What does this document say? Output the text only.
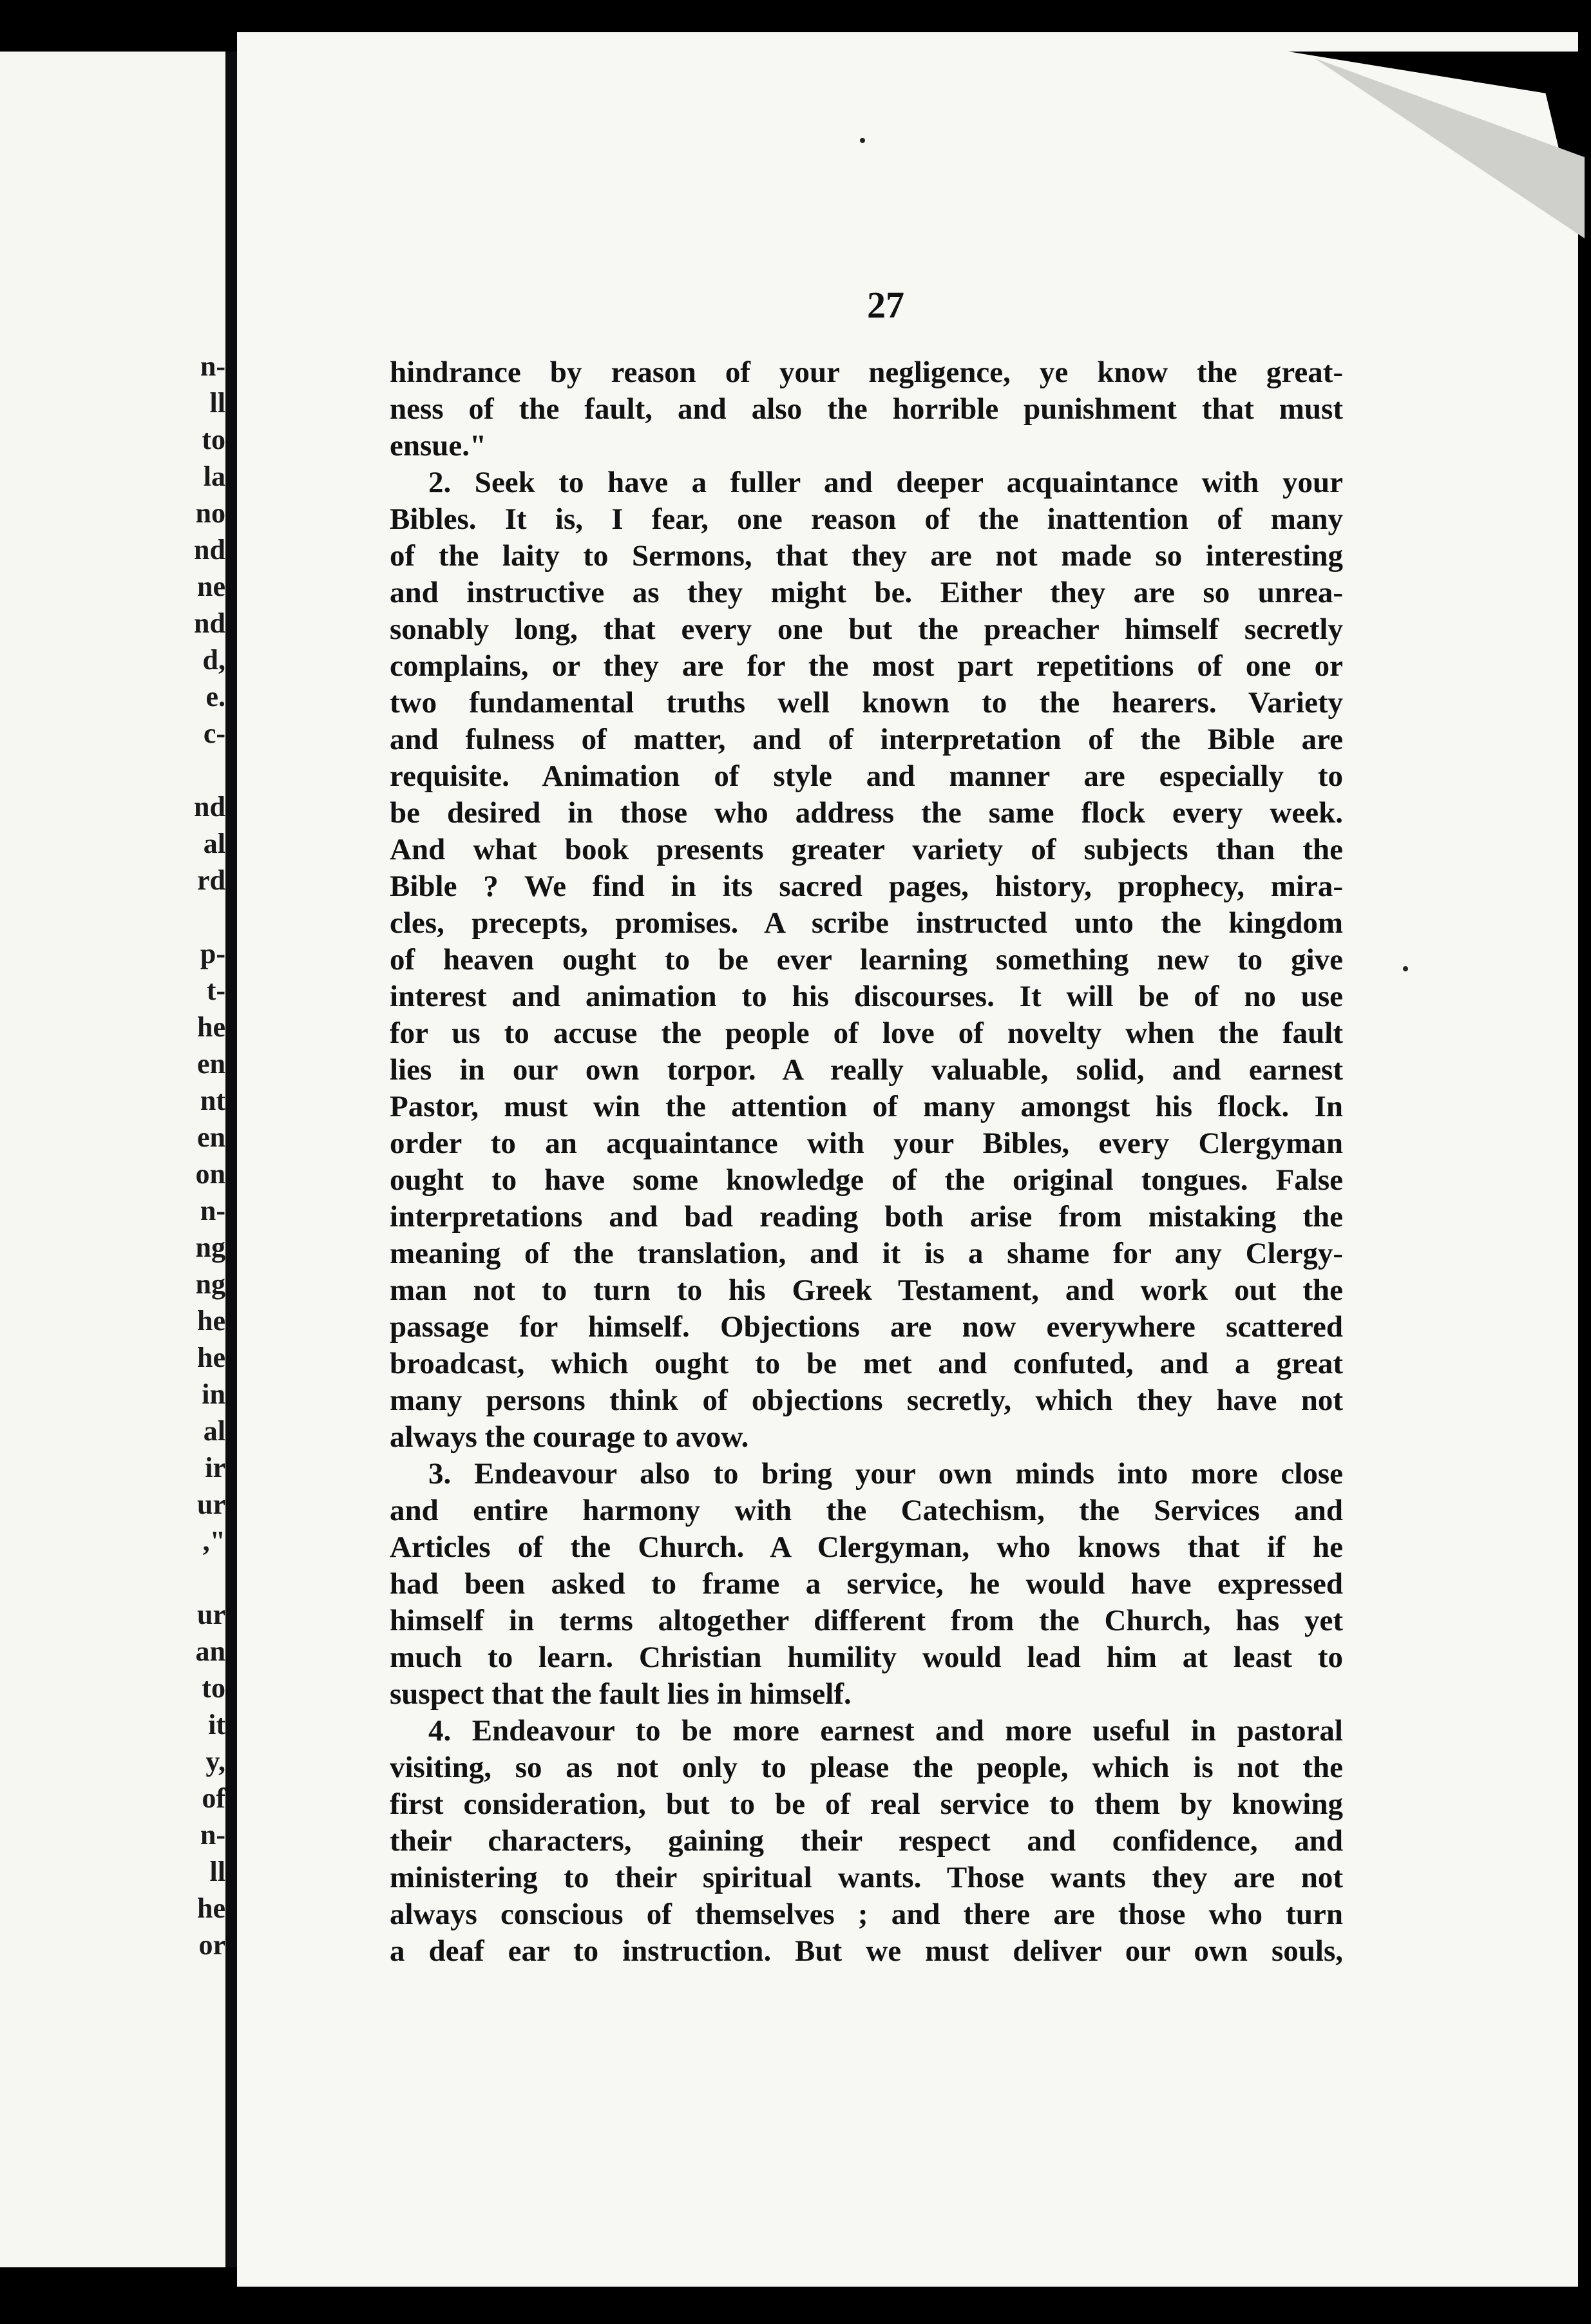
n-
ll
to
la
no
nd
ne
nd
d,
e.
c-
nd
al
rd
p-
t-
he
en
nt
en
on
n-
ng
ng
he
he
in
al
ir
ur
,"
ur
an
to
it
y,
of
n-
ll
he
or
27
hindrance by reason of your negligence, ye know the great-
ness of the fault, and also the horrible punishment that must
ensue."
2. Seek to have a fuller and deeper acquaintance with your
Bibles. It is, I fear, one reason of the inattention of many
of the laity to Sermons, that they are not made so interesting
and instructive as they might be. Either they are so unrea-
sonably long, that every one but the preacher himself secretly
complains, or they are for the most part repetitions of one or
two fundamental truths well known to the hearers. Variety
and fulness of matter, and of interpretation of the Bible are
requisite. Animation of style and manner are especially to
be desired in those who address the same flock every week.
And what book presents greater variety of subjects than the
Bible ? We find in its sacred pages, history, prophecy, mira-
cles, precepts, promises. A scribe instructed unto the kingdom
of heaven ought to be ever learning something new to give
interest and animation to his discourses. It will be of no use
for us to accuse the people of love of novelty when the fault
lies in our own torpor. A really valuable, solid, and earnest
Pastor, must win the attention of many amongst his flock. In
order to an acquaintance with your Bibles, every Clergyman
ought to have some knowledge of the original tongues. False
interpretations and bad reading both arise from mistaking the
meaning of the translation, and it is a shame for any Clergy-
man not to turn to his Greek Testament, and work out the
passage for himself. Objections are now everywhere scattered
broadcast, which ought to be met and confuted, and a great
many persons think of objections secretly, which they have not
always the courage to avow.
3. Endeavour also to bring your own minds into more close
and entire harmony with the Catechism, the Services and
Articles of the Church. A Clergyman, who knows that if he
had been asked to frame a service, he would have expressed
himself in terms altogether different from the Church, has yet
much to learn. Christian humility would lead him at least to
suspect that the fault lies in himself.
4. Endeavour to be more earnest and more useful in pastoral
visiting, so as not only to please the people, which is not the
first consideration, but to be of real service to them by knowing
their characters, gaining their respect and confidence, and
ministering to their spiritual wants. Those wants they are not
always conscious of themselves ; and there are those who turn
a deaf ear to instruction. But we must deliver our own souls,
